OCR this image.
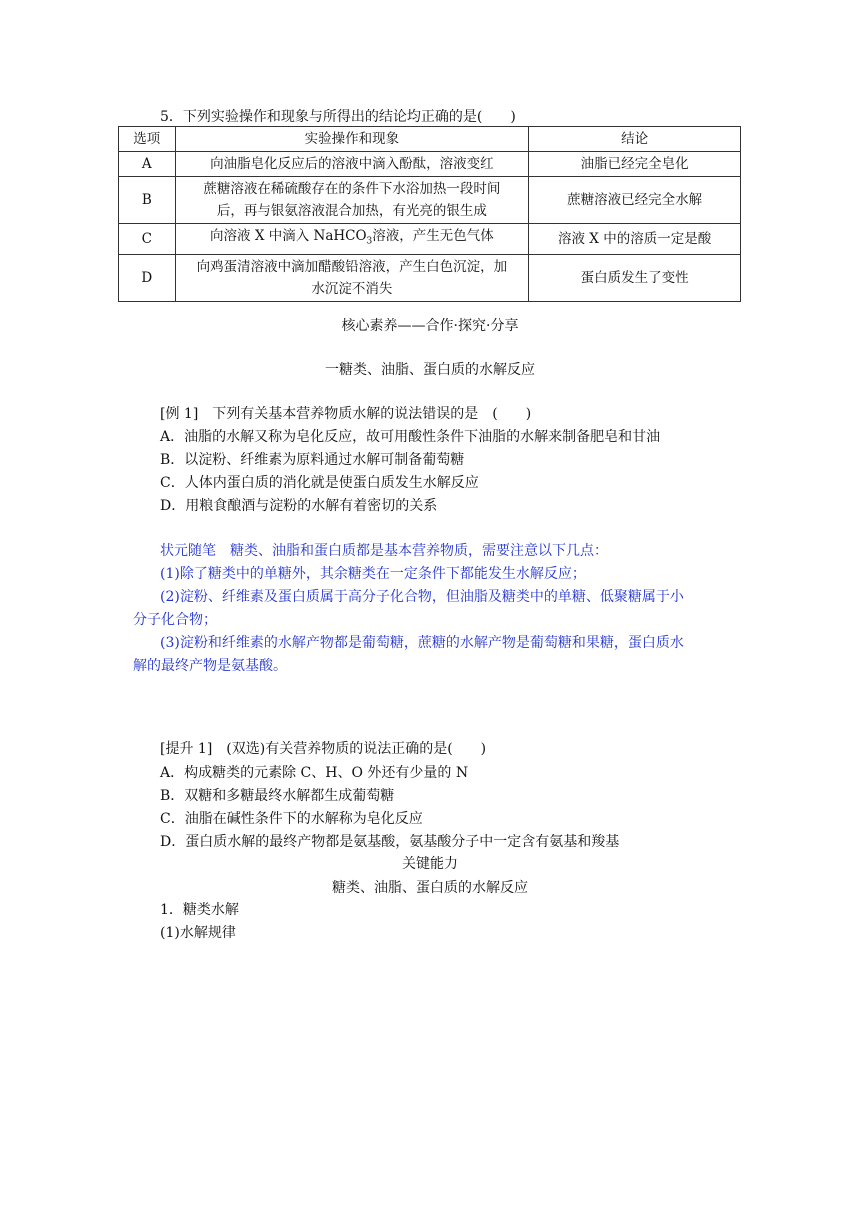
5．下列实验操作和现象与所得出的结论均正确的是(　　)
选项	实验操作和现象	结论
A	向油脂皂化反应后的溶液中滴入酚酞，溶液变红	油脂已经完全皂化
B	蔗糖溶液在稀硫酸存在的条件下水浴加热一段时间
后，再与银氨溶液混合加热，有光亮的银生成	蔗糖溶液已经完全水解
C	向溶液 X 中滴入 NaHCO$_3$溶液，产生无色气体	溶液 X 中的溶质一定是酸
D	向鸡蛋清溶液中滴加醋酸铅溶液，产生白色沉淀，加
水沉淀不消失	蛋白质发生了变性
核心素养——合作·探究·分享
一糖类、油脂、蛋白质的水解反应
[例 1]　下列有关基本营养物质水解的说法错误的是　(　　)
A．油脂的水解又称为皂化反应，故可用酸性条件下油脂的水解来制备肥皂和甘油
B．以淀粉、纤维素为原料通过水解可制备葡萄糖
C．人体内蛋白质的消化就是使蛋白质发生水解反应
D．用粮食酿酒与淀粉的水解有着密切的关系
状元随笔　糖类、油脂和蛋白质都是基本营养物质，需要注意以下几点：
(1)除了糖类中的单糖外，其余糖类在一定条件下都能发生水解反应；
(2)淀粉、纤维素及蛋白质属于高分子化合物，但油脂及糖类中的单糖、低聚糖属于小
分子化合物；
(3)淀粉和纤维素的水解产物都是葡萄糖，蔗糖的水解产物是葡萄糖和果糖，蛋白质水
解的最终产物是氨基酸。
[提升 1]　(双选)有关营养物质的说法正确的是(　　)
A．构成糖类的元素除 C、H、O 外还有少量的 N
B．双糖和多糖最终水解都生成葡萄糖
C．油脂在碱性条件下的水解称为皂化反应
D．蛋白质水解的最终产物都是氨基酸，氨基酸分子中一定含有氨基和羧基
关键能力
糖类、油脂、蛋白质的水解反应
1．糖类水解
(1)水解规律
